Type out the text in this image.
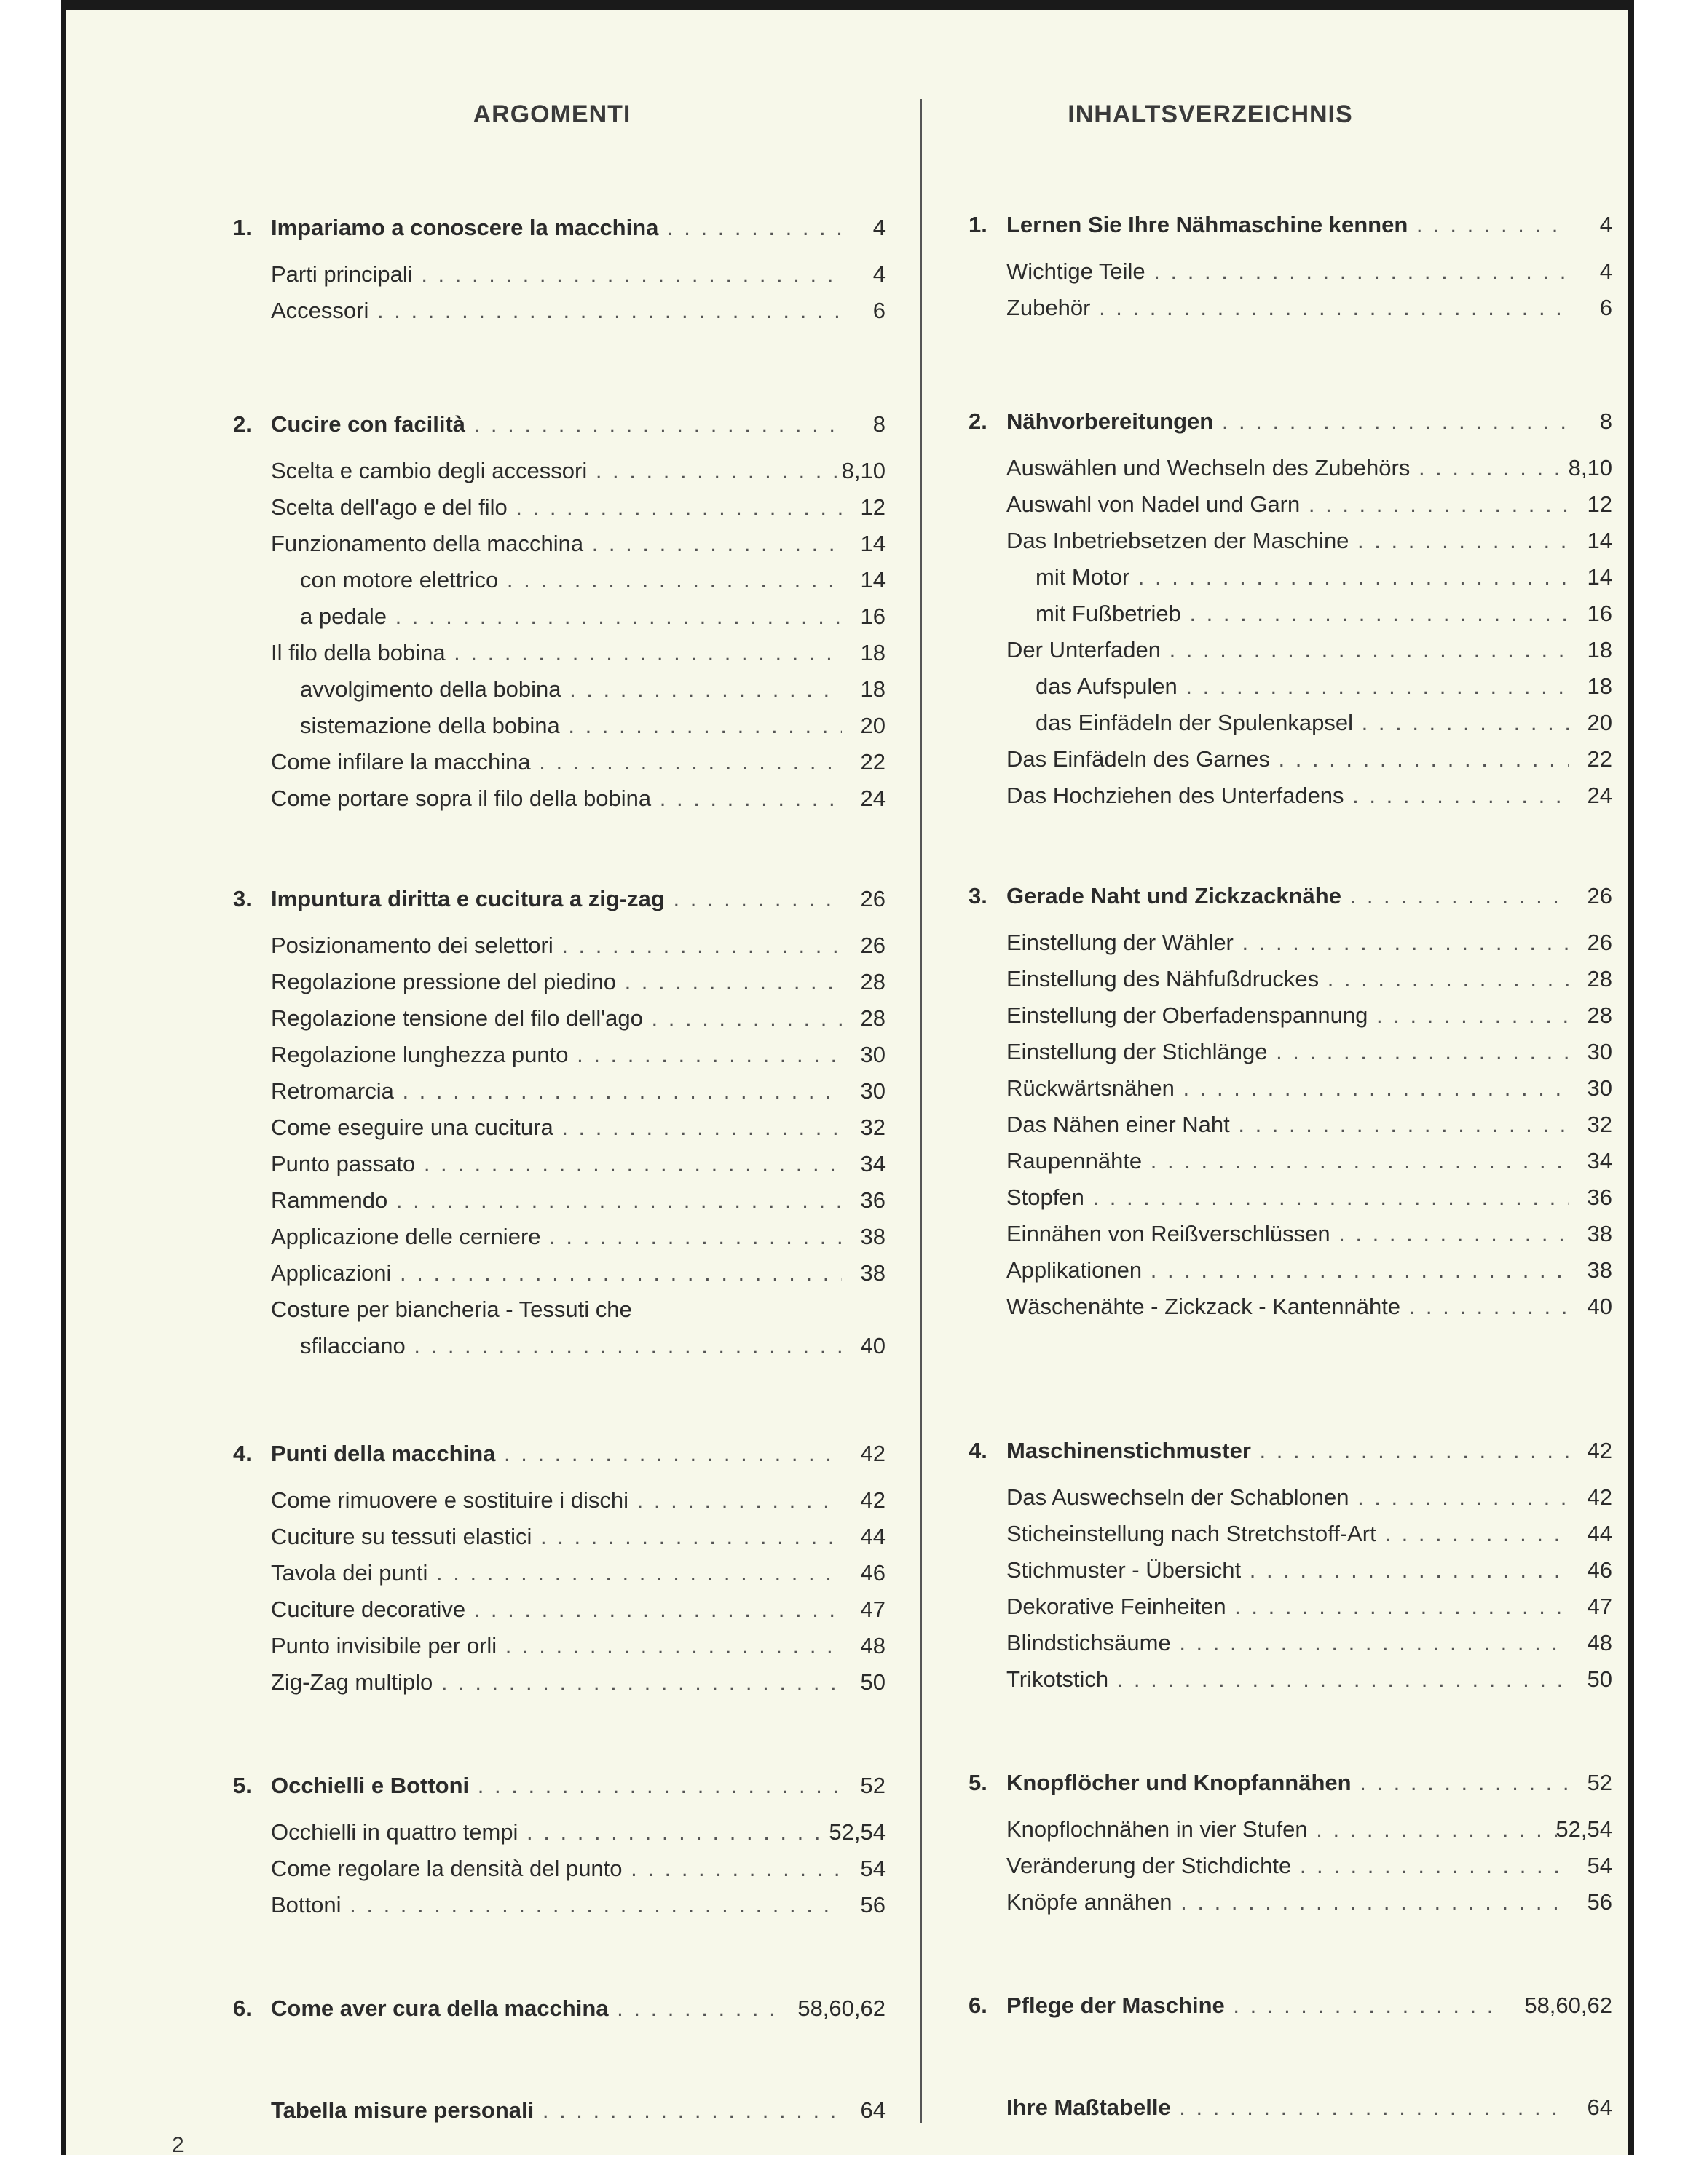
ARGOMENTI
1. Impariamo a conoscere la macchina . . .	4
Parti principali . . .	4
Accessori . . .	6
2. Cucire con facilità . . .	8
Scelta e cambio degli accessori . . .	8,10
Scelta dell'ago e del filo . . .	12
Funzionamento della macchina . . .	14
con motore elettrico . . .	14
a pedale . . .	16
Il filo della bobina . . .	18
avvolgimento della bobina . . .	18
sistemazione della bobina . . .	20
Come infilare la macchina . . .	22
Come portare sopra il filo della bobina . . .	24
3. Impuntura diritta e cucitura a zig-zag . . .	26
Posizionamento dei selettori . . .	26
Regolazione pressione del piedino . . .	28
Regolazione tensione del filo dell'ago . . .	28
Regolazione lunghezza punto . . .	30
Retromarcia . . .	30
Come eseguire una cucitura . . .	32
Punto passato . . .	34
Rammendo . . .	36
Applicazione delle cerniere . . .	38
Applicazioni . . .	38
Costure per biancheria - Tessuti che
sfilacciano . . .	40
4. Punti della macchina . . .	42
Come rimuovere e sostituire i dischi . . .	42
Cuciture su tessuti elastici . . .	44
Tavola dei punti . . .	46
Cuciture decorative . . .	47
Punto invisibile per orli . . .	48
Zig-Zag multiplo . . .	50
5. Occhielli e Bottoni . . .	52
Occhielli in quattro tempi . . .	52,54
Come regolare la densità del punto . . .	54
Bottoni . . .	56
6. Come aver cura della macchina . . .	58,60,62
Tabella misure personali . . .	64
INHALTSVERZEICHNIS
1. Lernen Sie Ihre Nähmaschine kennen . . .	4
Wichtige Teile . . .	4
Zubehör . . .	6
2. Nähvorbereitungen . . .	8
Auswählen und Wechseln des Zubehörs . . .	8,10
Auswahl von Nadel und Garn . . .	12
Das Inbetriebsetzen der Maschine . . .	14
mit Motor . . .	14
mit Fußbetrieb . . .	16
Der Unterfaden . . .	18
das Aufspulen . . .	18
das Einfädeln der Spulenkapsel . . .	20
Das Einfädeln des Garnes . . .	22
Das Hochziehen des Unterfadens . . .	24
3. Gerade Naht und Zickzacknähe . . .	26
Einstellung der Wähler . . .	26
Einstellung des Nähfußdruckes . . .	28
Einstellung der Oberfadenspannung . . .	28
Einstellung der Stichlänge . . .	30
Rückwärtsnähen . . .	30
Das Nähen einer Naht . . .	32
Raupennähte . . .	34
Stopfen . . .	36
Einnähen von Reißverschlüssen . . .	38
Applikationen . . .	38
Wäschenähte - Zickzack - Kantennähte . . .	40
4. Maschinenstichmuster . . .	42
Das Auswechseln der Schablonen . . .	42
Sticheinstellung nach Stretchstoff-Art . . .	44
Stichmuster - Übersicht . . .	46
Dekorative Feinheiten . . .	47
Blindstichsäume . . .	48
Trikotstich . . .	50
5. Knopflöcher und Knopfannähen . . .	52
Knopflochnähen in vier Stufen . . .	52,54
Veränderung der Stichdichte . . .	54
Knöpfe annähen . . .	56
6. Pflege der Maschine . . .	58,60,62
Ihre Maßtabelle . . .	64
2
